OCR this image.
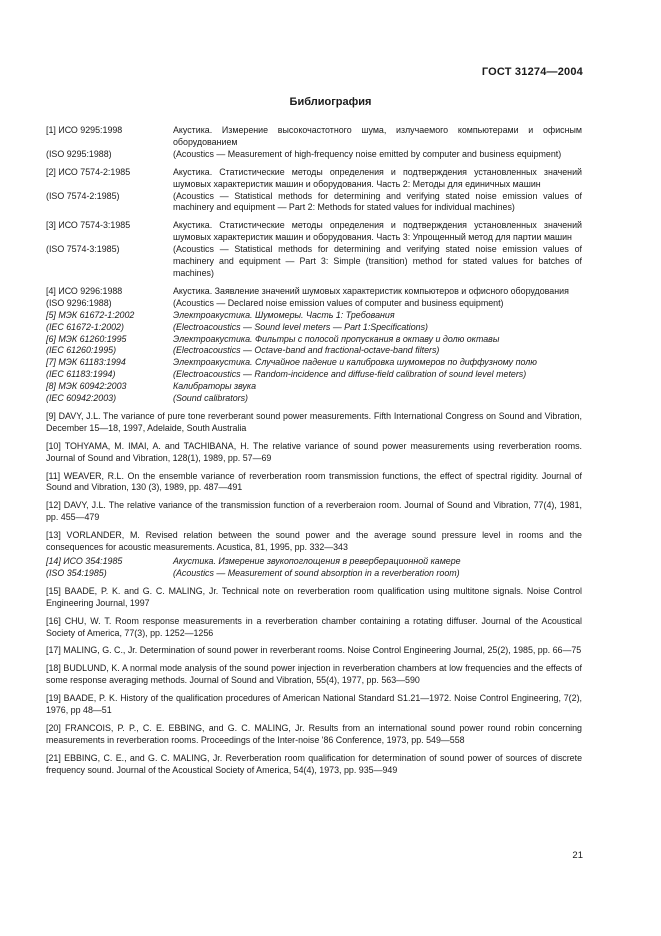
ГОСТ 31274—2004
Библиография
[1] ИСО 9295:1998	Акустика. Измерение высокочастотного шума, излучаемого компьютерами и офисным оборудованием
(ISO 9295:1988)	(Acoustics — Measurement of high-frequency noise emitted by computer and business equipment)
[2] ИСО 7574-2:1985	Акустика. Статистические методы определения и подтверждения установленных значений шумовых характеристик машин и оборудования. Часть 2: Методы для единичных машин
(ISO 7574-2:1985)	(Acoustics — Statistical methods for determining and verifying stated noise emission values of machinery and equipment — Part 2: Methods for stated values for individual machines)
[3] ИСО 7574-3:1985	Акустика. Статистические методы определения и подтверждения установленных значений шумовых характеристик машин и оборудования. Часть 3: Упрощенный метод для партии машин
(ISO 7574-3:1985)	(Acoustics — Statistical methods for determining and verifying stated noise emission values of machinery and equipment — Part 3: Simple (transition) method for stated values for batches of machines)
[4] ИСО 9296:1988	Акустика. Заявление значений шумовых характеристик компьютеров и офисного оборудования
(ISO 9296:1988)	(Acoustics — Declared noise emission values of computer and business equipment)
[5] МЭК 61672-1:2002	Электроакустика. Шумомеры. Часть 1: Требования
(IEC 61672-1:2002)	(Electroacoustics — Sound level meters — Part 1:Specifications)
[6] МЭК 61260:1995	Электроакустика. Фильтры с полосой пропускания в октаву и долю октавы
(IEC 61260:1995)	(Electroacoustics — Octave-band and fractional-octave-band filters)
[7] МЭК 61183:1994	Электроакустика. Случайное падение и калибровка шумомеров по диффузному полю
(IEC 61183:1994)	(Electroacoustics — Random-incidence and diffuse-field calibration of sound level meters)
[8] МЭК 60942:2003	Калибраторы звука
(IEC 60942:2003)	(Sound calibrators)

[9] DAVY, J.L. The variance of pure tone reverberant sound power measurements. Fifth International Congress on Sound and Vibration, December 15—18, 1997, Adelaide, South Australia

[10] TOHYAMA, M. IMAI, A. and TACHIBANA, H. The relative variance of sound power measurements using reverberation rooms. Journal of Sound and Vibration, 128(1), 1989, pp. 57—69

[11] WEAVER, R.L. On the ensemble variance of reverberation room transmission functions, the effect of spectral rigidity. Journal of Sound and Vibration, 130 (3), 1989, pp. 487—491

[12] DAVY, J.L. The relative variance of the transmission function of a reverberaion room. Journal of Sound and Vibration, 77(4), 1981, pp. 455—479

[13] VORLANDER, M. Revised relation between the sound power and the average sound pressure level in rooms and the consequences for acoustic measurements. Acustica, 81, 1995, pp. 332—343

[14] ИСО 354:1985	Акустика. Измерение звукопоглощения в реверберационной камере
(ISO 354:1985)	(Acoustics — Measurement of sound absorption in a reverberation room)

[15] BAADE, P. K. and G. C. MALING, Jr. Technical note on reverberation room qualification using multitone signals. Noise Control Engineering Journal, 1997

[16] CHU, W. T. Room response measurements in a reverberation chamber containing a rotating diffuser. Journal of the Acoustical Society of America, 77(3), pp. 1252—1256

[17] MALING, G. C., Jr. Determination of sound power in reverberant rooms. Noise Control Engineering Journal, 25(2), 1985, pp. 66—75

[18] BUDLUND, K. A normal mode analysis of the sound power injection in reverberation chambers at low frequencies and the effects of some response averaging methods. Journal of Sound and Vibration, 55(4), 1977, pp. 563—590

[19] BAADE, P. K. History of the qualification procedures of American National Standard S1.21—1972. Noise Control Engineering, 7(2), 1976, pp 48—51

[20] FRANCOIS, P. P., C. E. EBBING, and G. C. MALING, Jr. Results from an international sound power round robin concerning measurements in reverberation rooms. Proceedings of the Inter-noise '86 Conference, 1973, pp. 549—558

[21] EBBING, C. E., and G. C. MALING, Jr. Reverberation room qualification for determination of sound power of sources of discrete frequency sound. Journal of the Acoustical Society of America, 54(4), 1973, pp. 935—949

21
